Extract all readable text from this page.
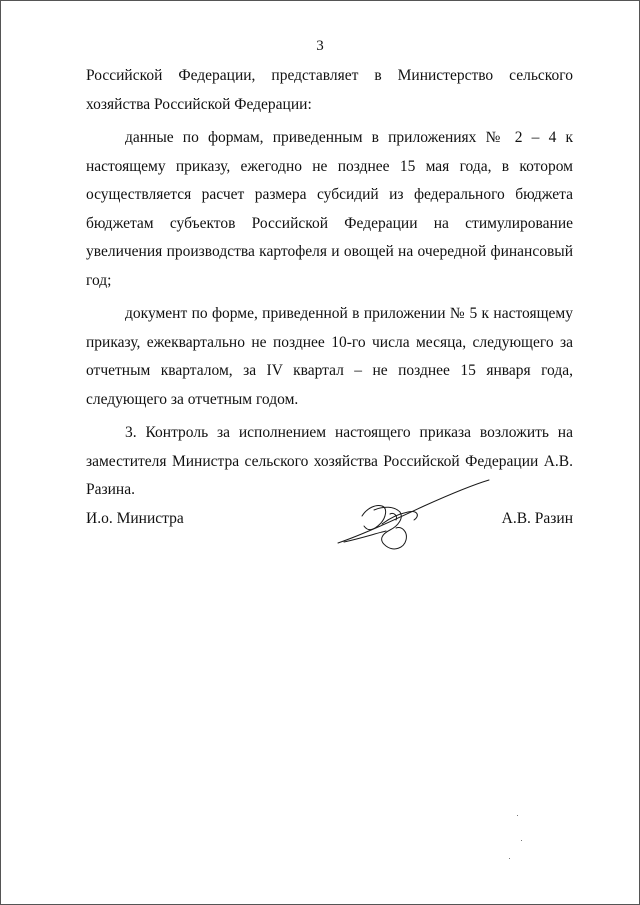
3

Российской Федерации, представляет в Министерство сельского хозяйства Российской Федерации:

данные по формам, приведенным в приложениях № 2 – 4 к настоящему приказу, ежегодно не позднее 15 мая года, в котором осуществляется расчет размера субсидий из федерального бюджета бюджетам субъектов Российской Федерации на стимулирование увеличения производства картофеля и овощей на очередной финансовый год;

документ по форме, приведенной в приложении № 5 к настоящему приказу, ежеквартально не позднее 10-го числа месяца, следующего за отчетным кварталом, за IV квартал – не позднее 15 января года, следующего за отчетным годом.

3. Контроль за исполнением настоящего приказа возложить на заместителя Министра сельского хозяйства Российской Федерации А.В. Разина.

И.о. Министра	А.В. Разин
